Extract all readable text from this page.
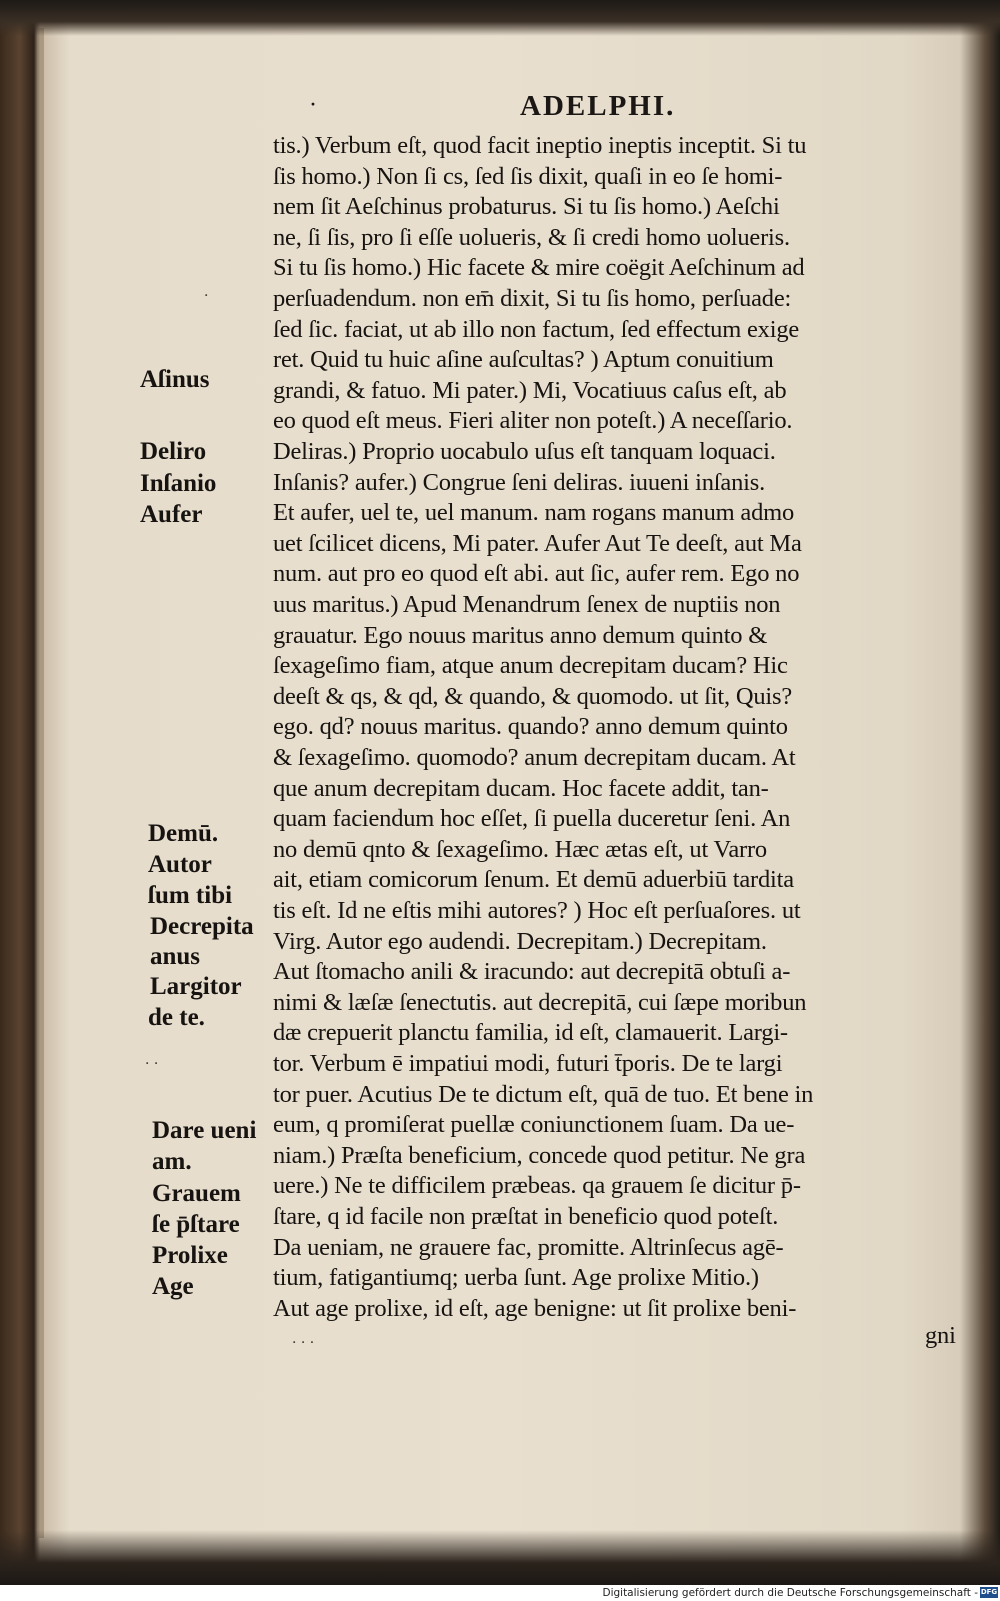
·	ADELPHI.
tis.) Verbum eſt, quod facit ineptio ineptis inceptit. Si tu
ſis homo.) Non ſi cs, ſed ſis dixit, quaſi in eo ſe homi-
nem ſit Aeſchinus probaturus. Si tu ſis homo.) Aeſchi
ne, ſi ſis, pro ſi eſſe uolueris, & ſi credi homo uolueris.
Si tu ſis homo.) Hic facete & mire coëgit Aeſchinum ad
perſuadendum. non em̄ dixit, Si tu ſis homo, perſuade:
ſed ſic. faciat, ut ab illo non factum, ſed effectum exige
ret. Quid tu huic aſine auſcultas? ) Aptum conuitium
grandi, & fatuo. Mi pater.) Mi, Vocatiuus caſus eſt, ab
eo quod eſt meus. Fieri aliter non poteſt.) A neceſſario.
Deliras.) Proprio uocabulo uſus eſt tanquam loquaci.
Inſanis? aufer.) Congrue ſeni deliras. iuueni inſanis.
Et aufer, uel te, uel manum. nam rogans manum admo
uet ſcilicet dicens, Mi pater. Aufer Aut Te deeſt, aut Ma
num. aut pro eo quod eſt abi. aut ſic, aufer rem. Ego no
uus maritus.) Apud Menandrum ſenex de nuptiis non
grauatur. Ego nouus maritus anno demum quinto &
ſexageſimo fiam, atque anum decrepitam ducam? Hic
deeſt & qs, & qd, & quando, & quomodo. ut ſit, Quis?
ego. qd? nouus maritus. quando? anno demum quinto
& ſexageſimo. quomodo? anum decrepitam ducam. At
que anum decrepitam ducam. Hoc facete addit, tan-
quam faciendum hoc eſſet, ſi puella duceretur ſeni. An
no demū qnto & ſexageſimo. Hæc ætas eſt, ut Varro
ait, etiam comicorum ſenum. Et demū aduerbiū tardita
tis eſt. Id ne eſtis mihi autores? ) Hoc eſt perſuaſores. ut
Virg. Autor ego audendi. Decrepitam.) Decrepitam.
Aut ſtomacho anili & iracundo: aut decrepitā obtuſi a-
nimi & læſæ ſenectutis. aut decrepitā, cui ſæpe moribun
dæ crepuerit planctu familia, id eſt, clamauerit. Largi-
tor. Verbum ē impatiui modi, futuri t̄poris. De te largi
tor puer. Acutius De te dictum eſt, quā de tuo. Et bene in
eum, q promiſerat puellæ coniunctionem ſuam. Da ue-
niam.) Præſta beneficium, concede quod petitur. Ne gra
uere.) Ne te difficilem præbeas. qa grauem ſe dicitur p̄-
ſtare, q id facile non præſtat in beneficio quod poteſt.
Da ueniam, ne grauere fac, promitte. Altrinſecus agē-
tium, fatigantiumq; uerba ſunt. Age prolixe Mitio.)
Aut age prolixe, id eſt, age benigne: ut ſit prolixe beni-
gni
Aſinus
Deliro
Inſanio
Aufer
Demū.
Autor
ſum tibi
Decrepita
anus
Largitor
de te.
Dare ueni
am.
Grauem
ſe p̄ſtare
Prolixe
Age
·
· ·
· · ·
Digitalisierung gefördert durch die Deutsche Forschungsgemeinschaft - DFG
